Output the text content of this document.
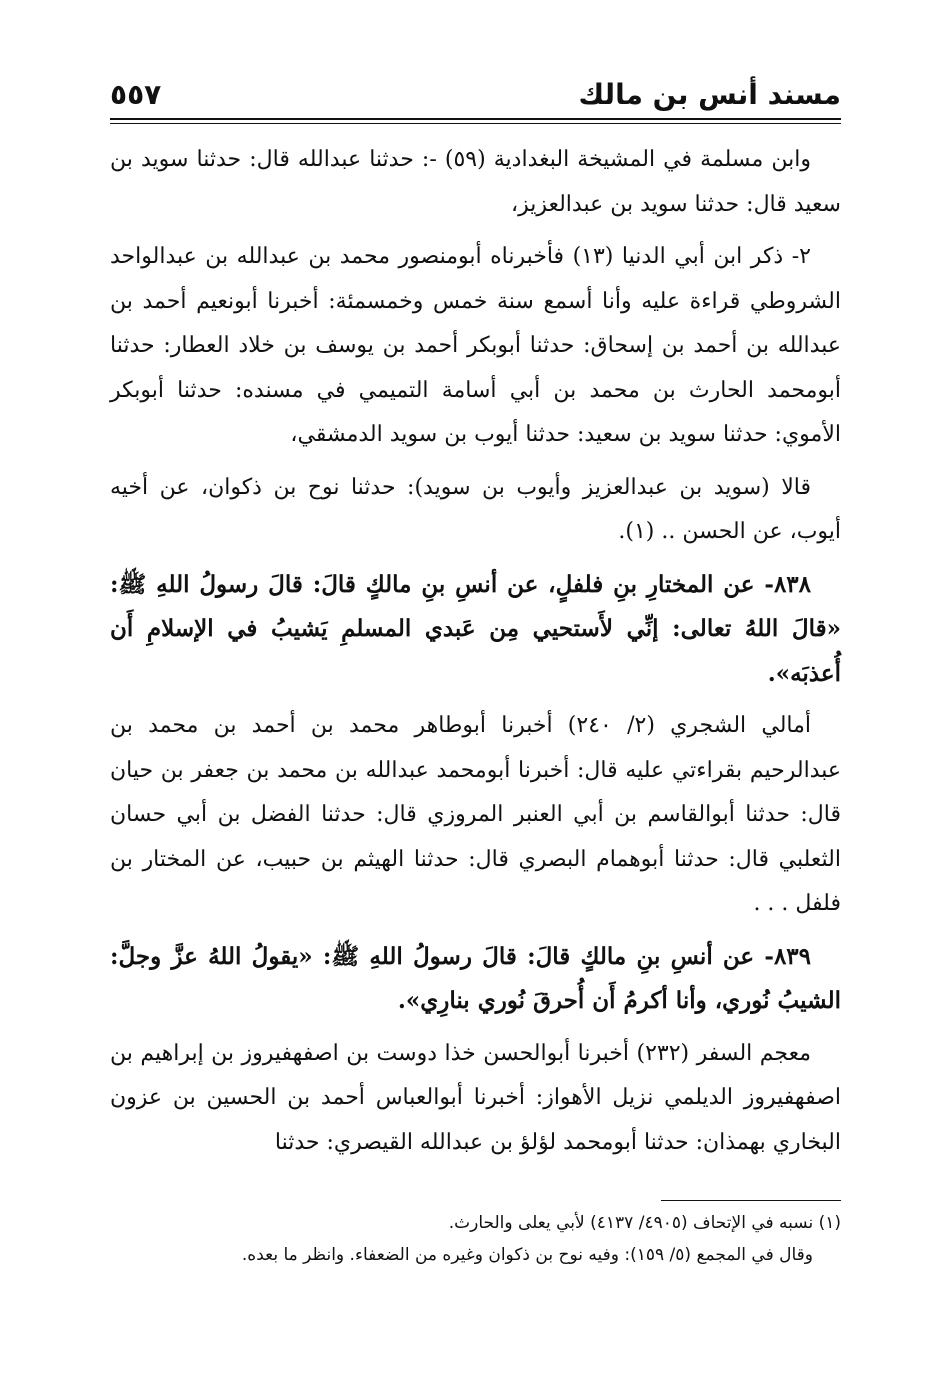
مسند أنس بن مالك
٥٥٧

وابن مسلمة في المشيخة البغدادية (٥٩) -: حدثنا عبدالله قال: حدثنا سويد بن سعيد قال: حدثنا سويد بن عبدالعزيز،

٢- ذكر ابن أبي الدنيا (١٣) فأخبرناه أبومنصور محمد بن عبدالله بن عبدالواحد الشروطي قراءة عليه وأنا أسمع سنة خمس وخمسمئة: أخبرنا أبونعيم أحمد بن عبدالله بن أحمد بن إسحاق: حدثنا أبوبكر أحمد بن يوسف بن خلاد العطار: حدثنا أبومحمد الحارث بن محمد بن أبي أسامة التميمي في مسنده: حدثنا أبوبكر الأموي: حدثنا سويد بن سعيد: حدثنا أيوب بن سويد الدمشقي،

قالا (سويد بن عبدالعزيز وأيوب بن سويد): حدثنا نوح بن ذكوان، عن أخيه أيوب، عن الحسن .. (١).

٨٣٨- عن المختارِ بنِ فلفلٍ، عن أنسِ بنِ مالكٍ قالَ: قالَ رسولُ اللهِ ﷺ: «قالَ اللهُ تعالى: إنِّي لأَستحيي مِن عَبدي المسلمِ يَشيبُ في الإسلامِ أَن أُعذبَه».

أمالي الشجري (٢/ ٢٤٠) أخبرنا أبوطاهر محمد بن أحمد بن محمد بن عبدالرحيم بقراءتي عليه قال: أخبرنا أبومحمد عبدالله بن محمد بن جعفر بن حيان قال: حدثنا أبوالقاسم بن أبي العنبر المروزي قال: حدثنا الفضل بن أبي حسان الثعلبي قال: حدثنا أبوهمام البصري قال: حدثنا الهيثم بن حبيب، عن المختار بن فلفل . . .

٨٣٩- عن أنسِ بنِ مالكٍ قالَ: قالَ رسولُ اللهِ ﷺ: «يقولُ اللهُ عزَّ وجلَّ: الشيبُ نُوري، وأنا أكرمُ أَن أُحرقَ نُوري بنارِي».

معجم السفر (٢٣٢) أخبرنا أبوالحسن خذا دوست بن اصفهفيروز بن إبراهيم بن اصفهفيروز الديلمي نزيل الأهواز: أخبرنا أبوالعباس أحمد بن الحسين بن عزون البخاري بهمذان: حدثنا أبومحمد لؤلؤ بن عبدالله القيصري: حدثنا

(١) نسبه في الإتحاف (٤٩٠٥/ ٤١٣٧) لأبي يعلى والحارث.

وقال في المجمع (٥/ ١٥٩): وفيه نوح بن ذكوان وغيره من الضعفاء. وانظر ما بعده.
